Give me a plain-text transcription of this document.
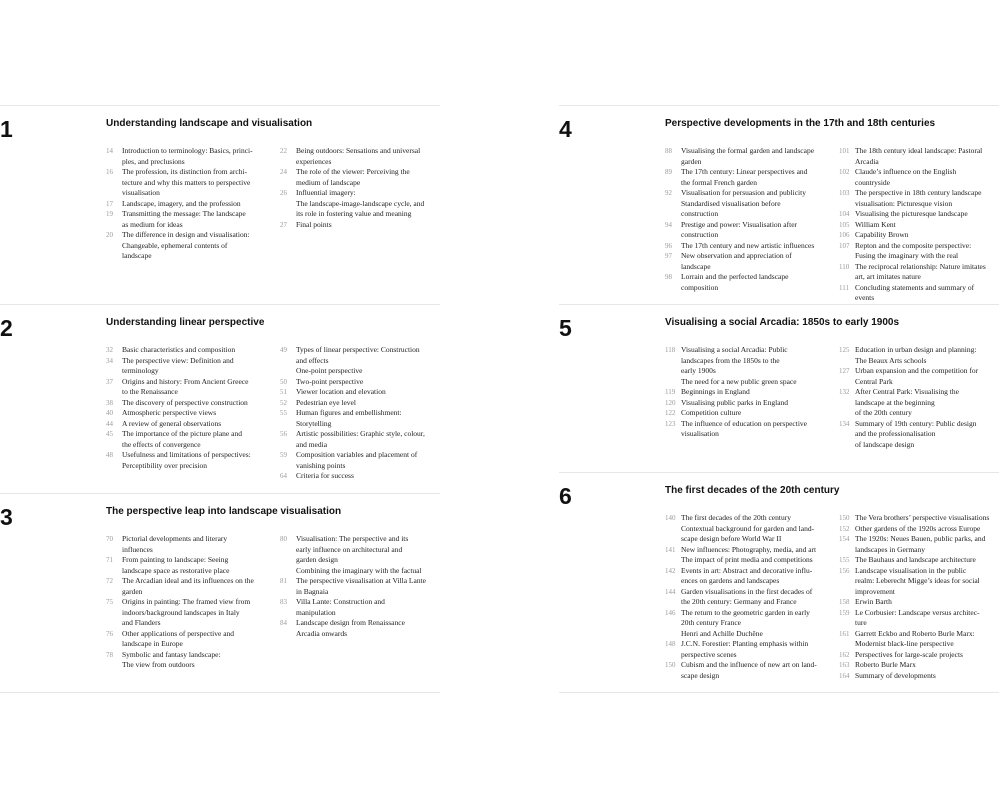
1	Understanding landscape and visualisation
14	Introduction to terminology: Basics, princi-
ples, and preclusions
16	The profession, its distinction from archi-
tecture and why this matters to perspective
visualisation
17	Landscape, imagery, and the profession
19	Transmitting the message: The landscape
as medium for ideas
20	The difference in design and visualisation:
Changeable, ephemeral contents of
landscape
22	Being outdoors: Sensations and universal
experiences
24	The role of the viewer: Perceiving the
medium of landscape
26	Influential imagery:
The landscape-image-landscape cycle, and
its role in fostering value and meaning
27	Final points
2	Understanding linear perspective
32	Basic characteristics and composition
34	The perspective view: Definition and
terminology
37	Origins and history: From Ancient Greece
to the Renaissance
38	The discovery of perspective construction
40	Atmospheric perspective views
44	A review of general observations
45	The importance of the picture plane and
the effects of convergence
48	Usefulness and limitations of perspectives:
Perceptibility over precision
49	Types of linear perspective: Construction
and effects
One-point perspective
50	Two-point perspective
51	Viewer location and elevation
52	Pedestrian eye level
55	Human figures and embellishment:
Storytelling
56	Artistic possibilities: Graphic style, colour,
and media
59	Composition variables and placement of
vanishing points
64	Criteria for success
3	The perspective leap into landscape visualisation
70	Pictorial developments and literary
influences
71	From painting to landscape: Seeing
landscape space as restorative place
72	The Arcadian ideal and its influences on the
garden
75	Origins in painting: The framed view from
indoors/background landscapes in Italy
and Flanders
76	Other applications of perspective and
landscape in Europe
78	Symbolic and fantasy landscape:
The view from outdoors
80	Visualisation: The perspective and its
early influence on architectural and
garden design
Combining the imaginary with the factual
81	The perspective visualisation at Villa Lante
in Bagnaia
83	Villa Lante: Construction and
manipulation
84	Landscape design from Renaissance
Arcadia onwards
4	Perspective developments in the 17th and 18th centuries
88	Visualising the formal garden and landscape
garden
89	The 17th century: Linear perspectives and
the formal French garden
92	Visualisation for persuasion and publicity
Standardised visualisation before
construction
94	Prestige and power: Visualisation after
construction
96	The 17th century and new artistic influences
97	New observation and appreciation of
landscape
98	Lorrain and the perfected landscape
composition
101 The 18th century ideal landscape: Pastoral
Arcadia
102 Claude’s influence on the English
countryside
103 The perspective in 18th century landscape
visualisation: Picturesque vision
104 Visualising the picturesque landscape
105 William Kent
106 Capability Brown
107 Repton and the composite perspective:
Fusing the imaginary with the real
110 The reciprocal relationship: Nature imitates
art, art imitates nature
111 Concluding statements and summary of
events
5	Visualising a social Arcadia: 1850s to early 1900s
118 Visualising a social Arcadia: Public
landscapes from the 1850s to the
early 1900s
The need for a new public green space
119 Beginnings in England
120 Visualising public parks in England
122 Competition culture
123 The influence of education on perspective
visualisation
125 Education in urban design and planning:
The Beaux Arts schools
127 Urban expansion and the competition for
Central Park
132 After Central Park: Visualising the
landscape at the beginning
of the 20th century
134 Summary of 19th century: Public design
and the professionalisation
of landscape design
6	The first decades of the 20th century
140 The first decades of the 20th century
Contextual background for garden and land-
scape design before World War II
141 New influences: Photography, media, and art
The impact of print media and competitions
142 Events in art: Abstract and decorative influ-
ences on gardens and landscapes
144 Garden visualisations in the first decades of
the 20th century: Germany and France
146 The return to the geometric garden in early
20th century France
Henri and Achille Duchêne
148 J.C.N. Forestier: Planting emphasis within
perspective scenes
150 Cubism and the influence of new art on land-
scape design
150 The Vera brothers’ perspective visualisations
152 Other gardens of the 1920s across Europe
154 The 1920s: Neues Bauen, public parks, and
landscapes in Germany
155 The Bauhaus and landscape architecture
156 Landscape visualisation in the public
realm: Leberecht Migge’s ideas for social
improvement
158 Erwin Barth
159 Le Corbusier: Landscape versus architec-
ture
161 Garrett Eckbo and Roberto Burle Marx:
Modernist black-line perspective
162 Perspectives for large-scale projects
163 Roberto Burle Marx
164 Summary of developments
